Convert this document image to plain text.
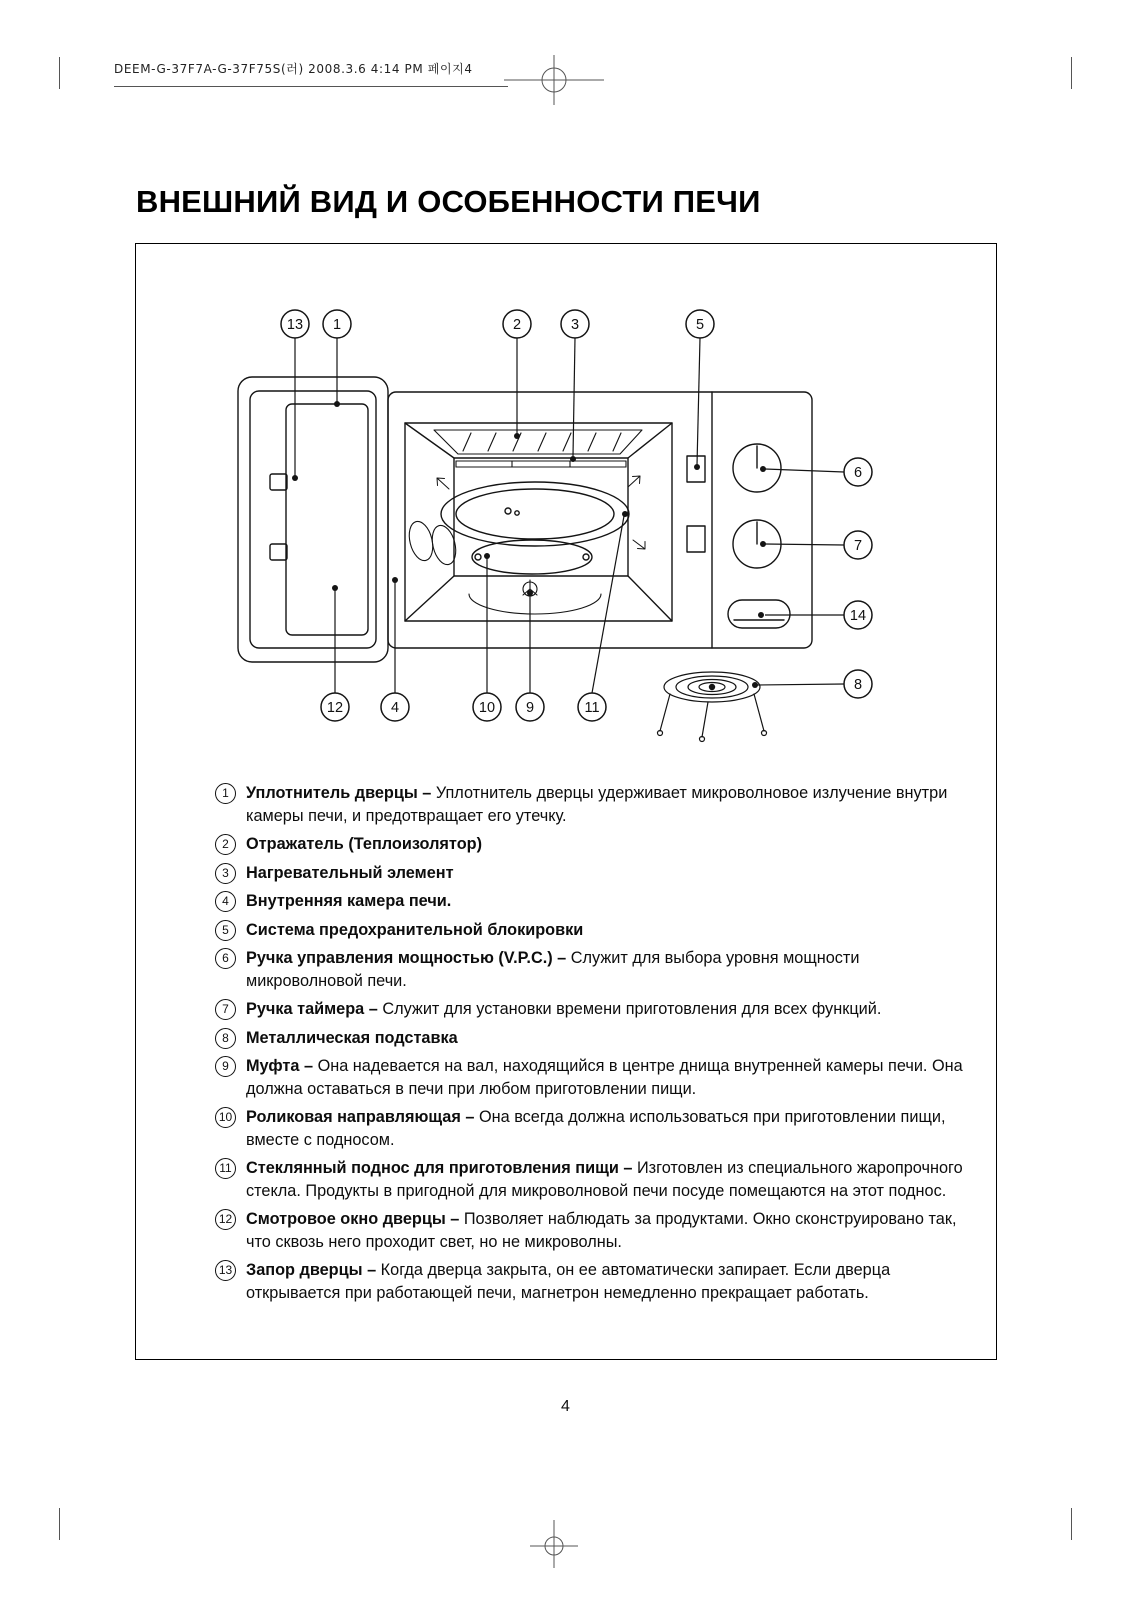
DEEM-G-37F7A-G-37F75S(러) 2008.3.6 4:14 PM 페이지4
ВНЕШНИЙ ВИД И ОСОБЕННОСТИ ПЕЧИ
13 1	2	3	5
6
7
14
8
12	4	10 9	11
1	Уплотнитель дверцы – Уплотнитель дверцы удерживает микроволновое излучение внутри камеры печи, и предотвращает его утечку.
2	Отражатель (Теплоизолятор)
3	Нагревательный элемент
4	Внутренняя камера печи.
5	Система предохранительной блокировки
6	Ручка управления мощностью (V.P.C.) – Служит для выбора уровня мощности микроволновой печи.
7	Ручка таймера – Служит для установки времени приготовления для всех функций.
8	Металлическая подставка
9	Муфта – Она надевается на вал, находящийся в центре днища внутренней камеры печи. Она должна оставаться в печи при любом приготовлении пищи.
10 Роликовая направляющая – Она всегда должна использоваться при приготовлении пищи, вместе с подносом.
11 Стеклянный поднос для приготовления пищи – Изготовлен из специального жаропрочного стекла. Продукты в пригодной для микроволновой печи посуде помещаются на этот поднос.
12 Смотровое окно дверцы – Позволяет наблюдать за продуктами. Окно сконструировано так, что сквозь него проходит свет, но не микроволны.
13 Запор дверцы – Когда дверца закрыта, он ее автоматически запирает. Если дверца открывается при работающей печи, магнетрон немедленно прекращает работать.
4
